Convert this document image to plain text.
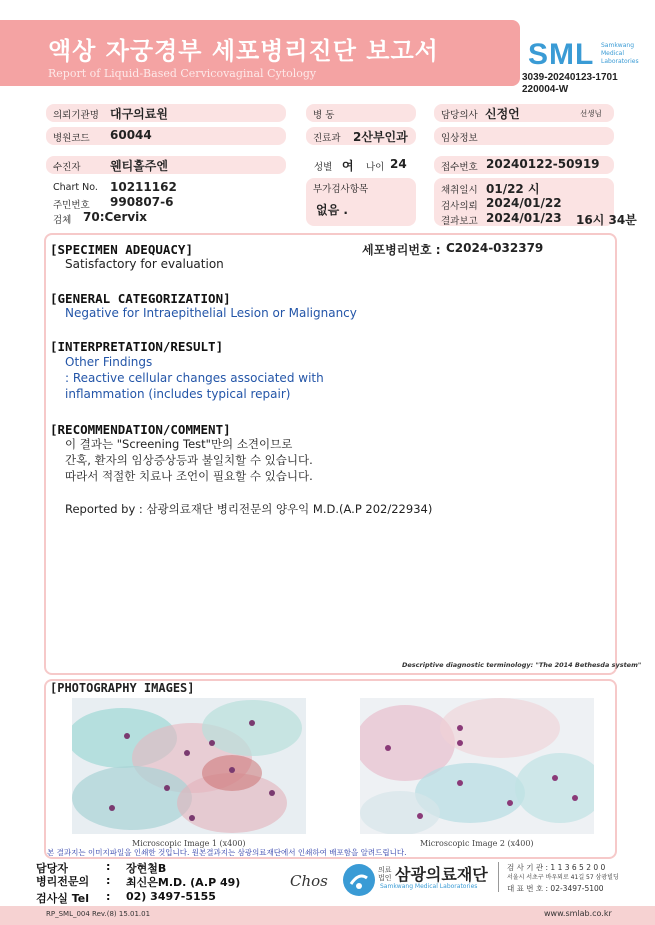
액상 자궁경부 세포병리진단 보고서
Report of Liquid-Based Cervicovaginal Cytology
SML Samkwang Medical Laboratories
3039-20240123-1701
220004-W
의뢰기관명 대구의료원	병 동	담당의사 신정언	선생님
병원코드 60044	진료과 2산부인과	임상정보
수진자 웬티홀주엔	성별 여 나이 24	접수번호 20240122-50919
Chart No. 10211162
주민번호 990807-6
검체 70:Cervix
부가검사항목
없음 .
채취일시 01/22 시
검사의뢰 2024/01/22
결과보고 2024/01/23 16시 34분
[SPECIMEN ADEQUACY]	세포병리번호 : C2024-032379
Satisfactory for evaluation
[GENERAL CATEGORIZATION]
Negative for Intraepithelial Lesion or Malignancy
[INTERPRETATION/RESULT]
Other Findings
: Reactive cellular changes associated with
inflammation (includes typical repair)
[RECOMMENDATION/COMMENT]
이 결과는 "Screening Test"만의 소견이므로
간혹, 환자의 임상증상등과 불일치할 수 있습니다.
따라서 적절한 치료나 조언이 필요할 수 있습니다.
Reported by : 삼광의료재단 병리전문의 양우익 M.D.(A.P 202/22934)
Descriptive diagnostic terminology: "The 2014 Bethesda system"
[PHOTOGRAPHY IMAGES]
Microscopic Image 1 (x400)	Microscopic Image 2 (x400)
본 결과지는 이미지파일을 인쇄한 것입니다. 원본결과지는 삼광의료재단에서 인쇄하여 배포함을 알려드립니다.
담당자	: 장현철B
병리전문의 : 최신은M.D. (A.P 49)
검사실 Tel : 02) 3497-5155
Chos
의료
법인 삼광의료재단
Samkwang Medical Laboratories
검 사 기 관 : 1 1 3 6 5 2 0 0
서울시 서초구 바우뫼로 41길 57 삼광빌딩
대 표 번 호 : 02-3497-5100
RP_SML_004 Rev.(8) 15.01.01	www.smlab.co.kr
